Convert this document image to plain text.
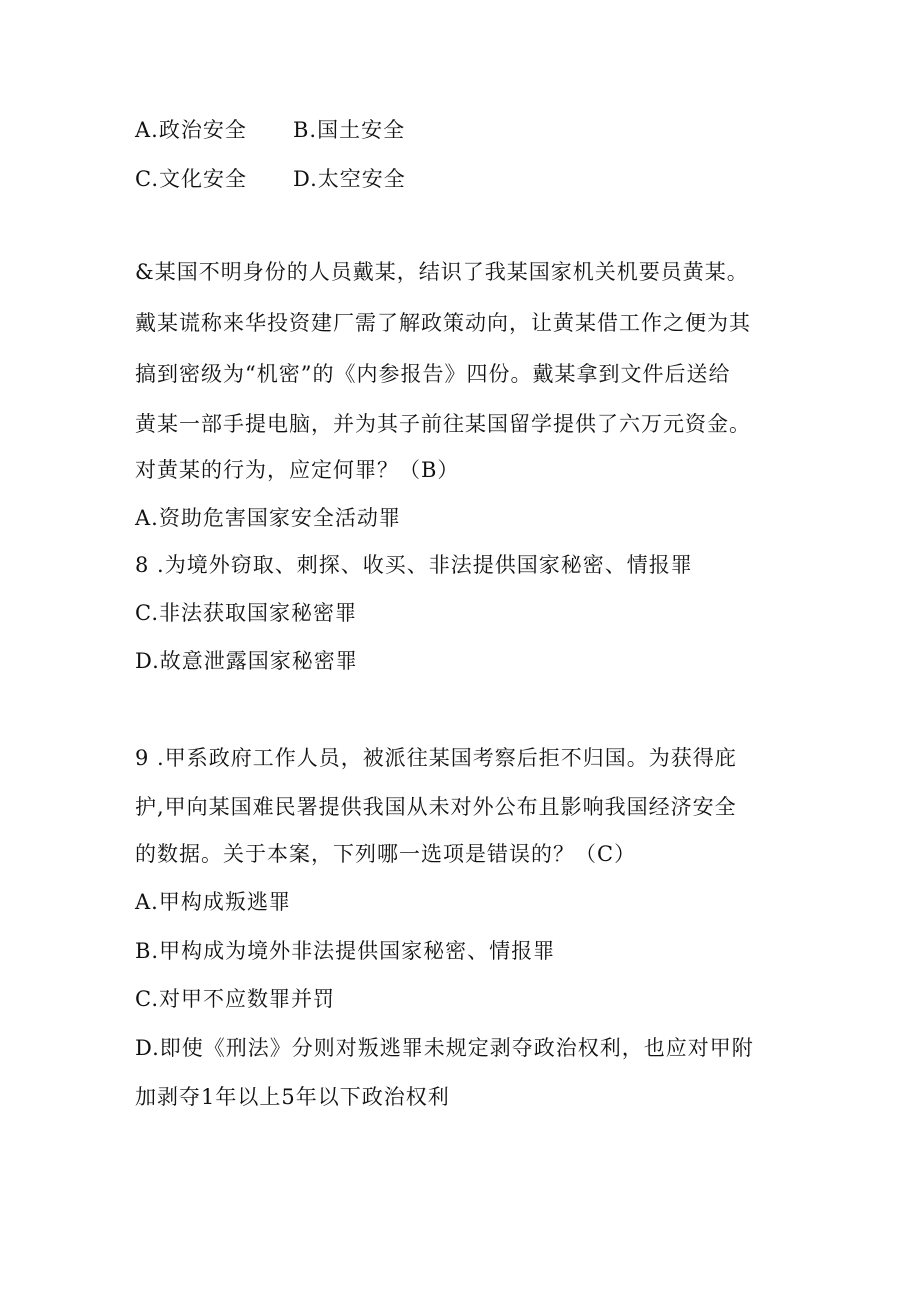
A.政治安全 B.国土安全
C.文化安全 D.太空安全
&某国不明身份的人员戴某，结识了我某国家机关机要员黄某。
戴某谎称来华投资建厂需了解政策动向，让黄某借工作之便为其
搞到密级为“机密”的《内参报告》四份。戴某拿到文件后送给
黄某一部手提电脑，并为其子前往某国留学提供了六万元资金。
对黄某的行为，应定何罪？（B）
A.资助危害国家安全活动罪
8 .为境外窃取、刺探、收买、非法提供国家秘密、情报罪
C.非法获取国家秘密罪
D.故意泄露国家秘密罪
9 .甲系政府工作人员，被派往某国考察后拒不归国。为获得庇
护,甲向某国难民署提供我国从未对外公布且影响我国经济安全
的数据。关于本案，下列哪一选项是错误的？（C）
A.甲构成叛逃罪
B.甲构成为境外非法提供国家秘密、情报罪
C.对甲不应数罪并罚
D.即使《刑法》分则对叛逃罪未规定剥夺政治权利，也应对甲附
加剥夺1年以上5年以下政治权利
